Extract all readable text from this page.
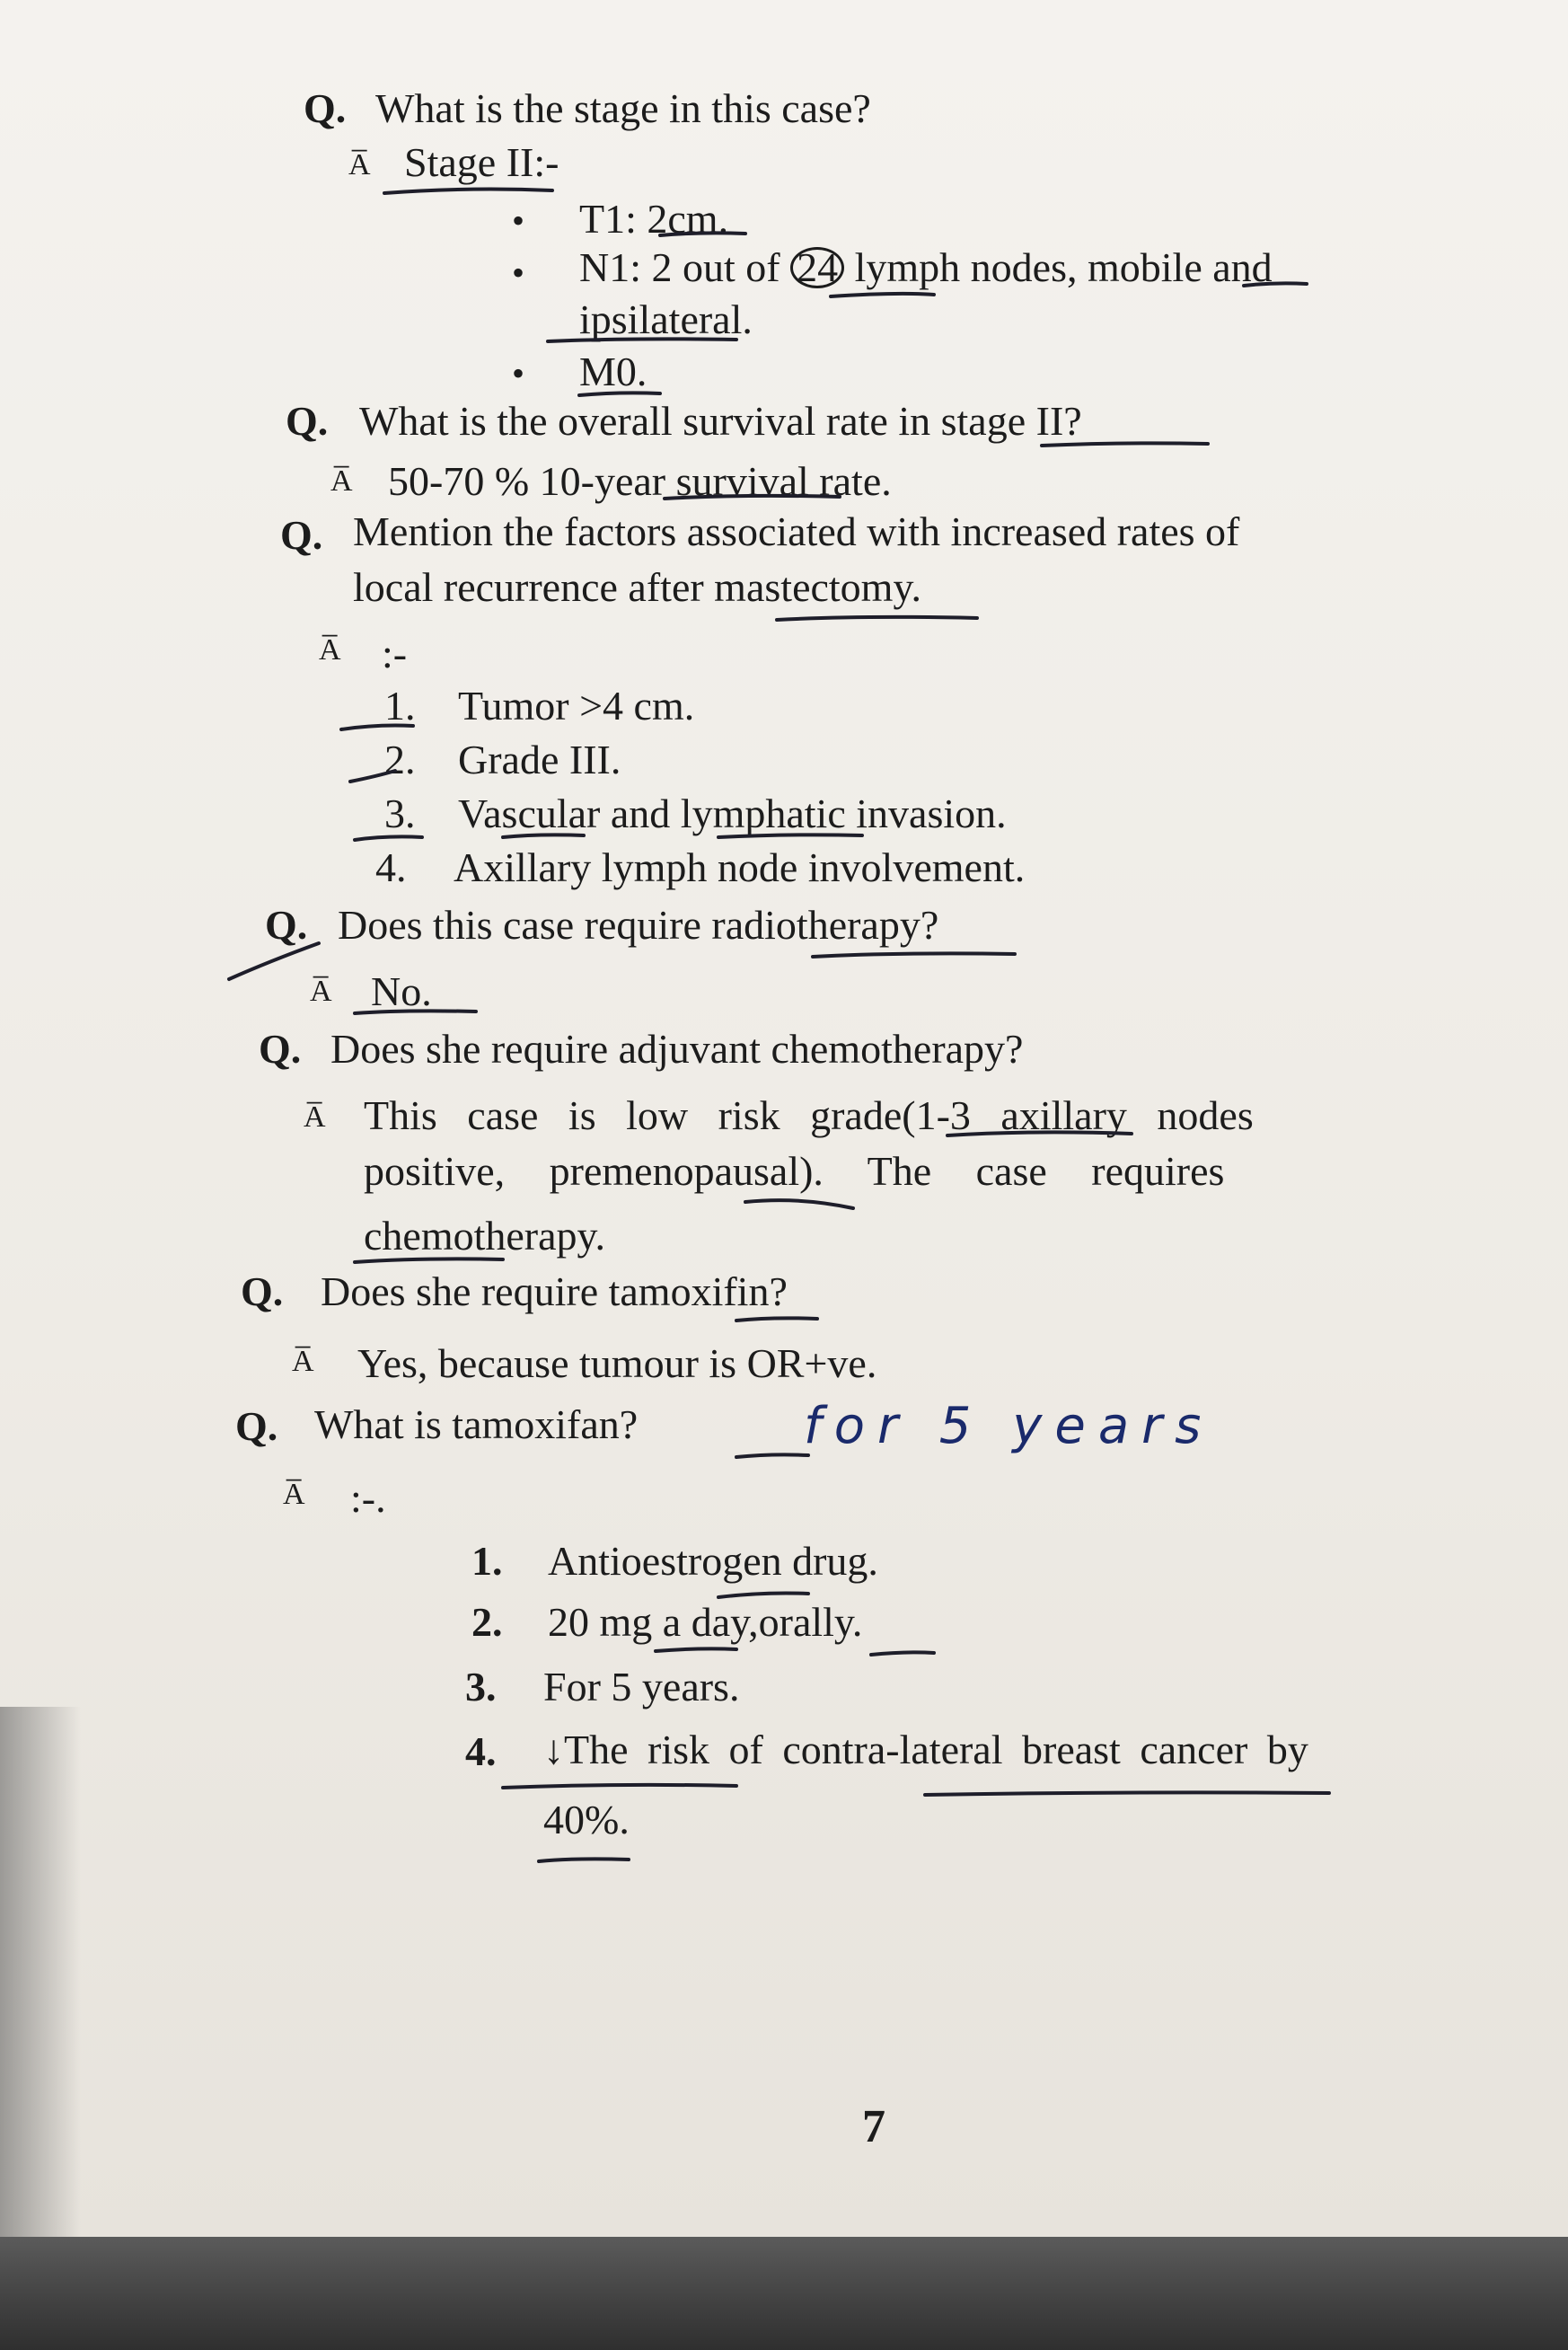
Q. What is the stage in this case?
A̅ Stage II:-
• T1: 2cm.
• N1: 2 out of 24 lymph nodes, mobile and
ipsilateral.
• M0.
Q. What is the overall survival rate in stage II?
A̅ 50-70 % 10-year survival rate.
Q. Mention the factors associated with increased rates of
local recurrence after mastectomy.
A̅ :-
1. Tumor >4 cm.
2. Grade III.
3. Vascular and lymphatic invasion.
4. Axillary lymph node involvement.
Q. Does this case require radiotherapy?
A̅ No.
Q. Does she require adjuvant chemotherapy?
A̅ This case is low risk grade(1-3 axillary nodes
positive, premenopausal). The case requires
chemotherapy.
Q. Does she require tamoxifin?
A̅ Yes, because tumour is OR+ve.
Q. What is tamoxifan?	for 5 years
A̅ :-.
1. Antioestrogen drug.
2. 20 mg a day,orally.
3. For 5 years.
4. ↓The risk of contra-lateral breast cancer by
40%.
7
